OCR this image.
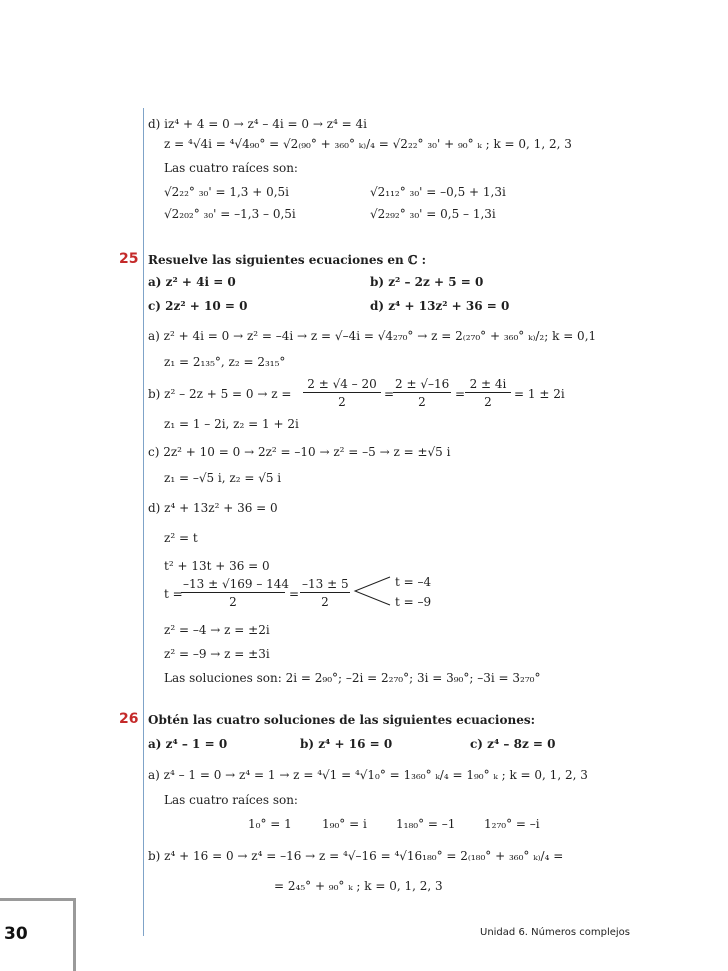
d) iz⁴ + 4 = 0 → z⁴ – 4i = 0 → z⁴ = 4i
z = ⁴√4i = ⁴√4₉₀° = √2₍₉₀° + ₃₆₀° ₖ₎/₄ = √2₂₂° ₃₀' + ₉₀° ₖ ; k = 0, 1, 2, 3
Las cuatro raíces son:
√2₂₂° ₃₀' = 1,3 + 0,5i	√2₁₁₂° ₃₀' = –0,5 + 1,3i
√2₂₀₂° ₃₀' = –1,3 – 0,5i	√2₂₉₂° ₃₀' = 0,5 – 1,3i
25 Resuelve las siguientes ecuaciones en ℂ :
a) z² + 4i = 0	b) z² – 2z + 5 = 0
c) 2z² + 10 = 0	d) z⁴ + 13z² + 36 = 0
a) z² + 4i = 0 → z² = –4i → z = √–4i = √4₂₇₀° → z = 2₍₂₇₀° + ₃₆₀° ₖ₎/₂; k = 0,1
z₁ = 2₁₃₅°, z₂ = 2₃₁₅°
b) $z^2 - 2z + 5 = 0 \to z = \frac{2 \pm √4 - 20}{2}$ =
$\frac{2 \pm √-16}{2} = \frac{2 \pm 4i}{2} = 1 \pm 2i$
z₁ = 1 – 2i, z₂ = 1 + 2i
c) 2z² + 10 = 0 → 2z² = –10 → z² = –5 → z = ±√5 i
z₁ = –√5 i, z₂ = √5 i
d) z⁴ + 13z² + 36 = 0
z² = t
t² + 13t + 36 = 0
t =
$\frac{-13 \pm √169 - 144}{2} = \frac{-13 \pm 5}{2}$	t = –4
t = –9
z² = –4 → z = ±2i
z² = –9 → z = ±3i
Las soluciones son: 2i = 2₉₀°; –2i = 2₂₇₀°; 3i = 3₉₀°; –3i = 3₂₇₀°
26 Obtén las cuatro soluciones de las siguientes ecuaciones:
a) z⁴ – 1 = 0	b) z⁴ + 16 = 0	c) z⁴ – 8z = 0
a) z⁴ – 1 = 0 → z⁴ = 1 → z = ⁴√1 = ⁴√1₀° = 1₃₆₀° ₖ/₄ = 1₉₀° ₖ ; k = 0, 1, 2, 3
Las cuatro raíces son:
1₀° = 1	1₉₀° = i 1₁₈₀° = –1 1₂₇₀° = –i
b) z⁴ + 16 = 0 → z⁴ = –16 → z = ⁴√–16 = ⁴√16₁₈₀° = 2₍₁₈₀° + ₃₆₀° ₖ₎/₄ =
= 2₄₅° + ₉₀° ₖ ; k = 0, 1, 2, 3
30	Unidad 6. Números complejos
